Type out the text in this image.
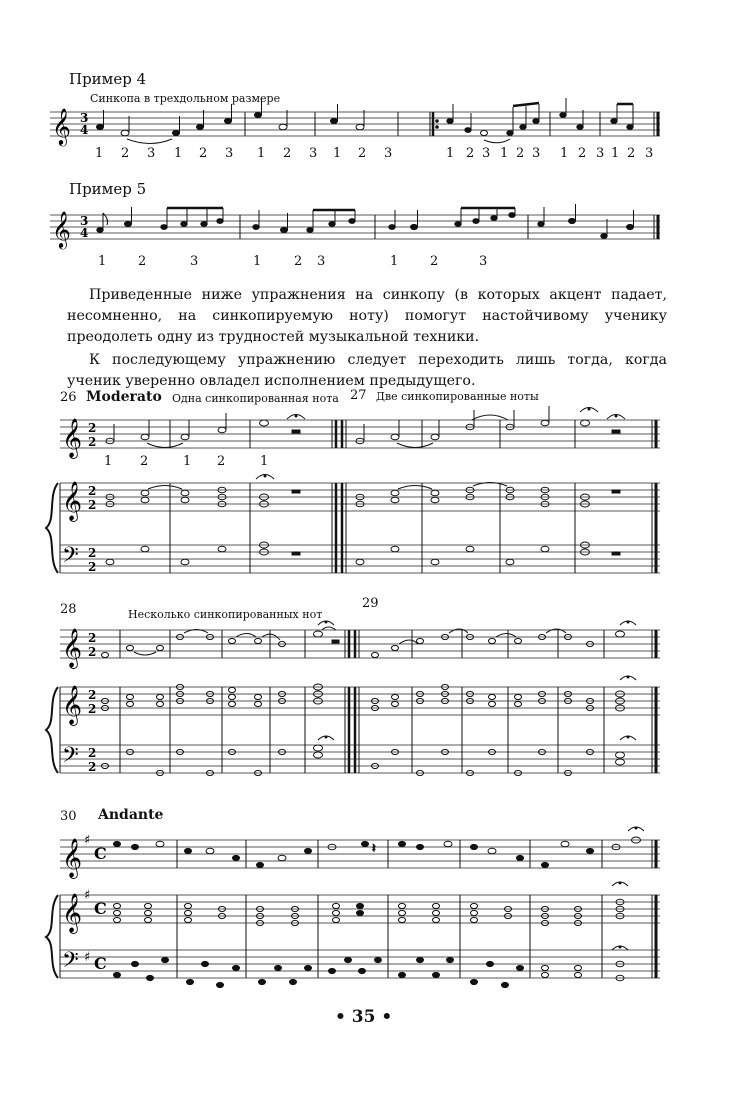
Пример 4
Синкопа в трехдольном размере
𝄞 3
4
1 2 3 1 2 3 1 2 3 1 2 3	1 2 3 1 2 3 1 2 3 1 2 3
Пример 5
𝄞 3
4
1 2	3	1	2 3	1 2	3

Приведенные ниже упражнения на синкопу (в которых акцент падает, несомненно, на синкопируемую ноту) помогут настойчивому ученику преодолеть одну из трудностей музыкальной техники.

К последующему упражнению следует переходить лишь тогда, когда ученик уверенно овладел исполнением предыдущего.

26 Moderato Одна синкопированная нота 27 Две синкопированные ноты
𝄞 2
2
𝄞 2
2
𝄢 2
2
1 2	1 2	1
28	Несколько синкопированных нот
29
𝄞 2
2
𝄞 2
2
𝄢 2
2
30 Andante
𝄞 ♯
C
𝄞 ♯
C
𝄢 ♯ C
𝄽
• 35 •
